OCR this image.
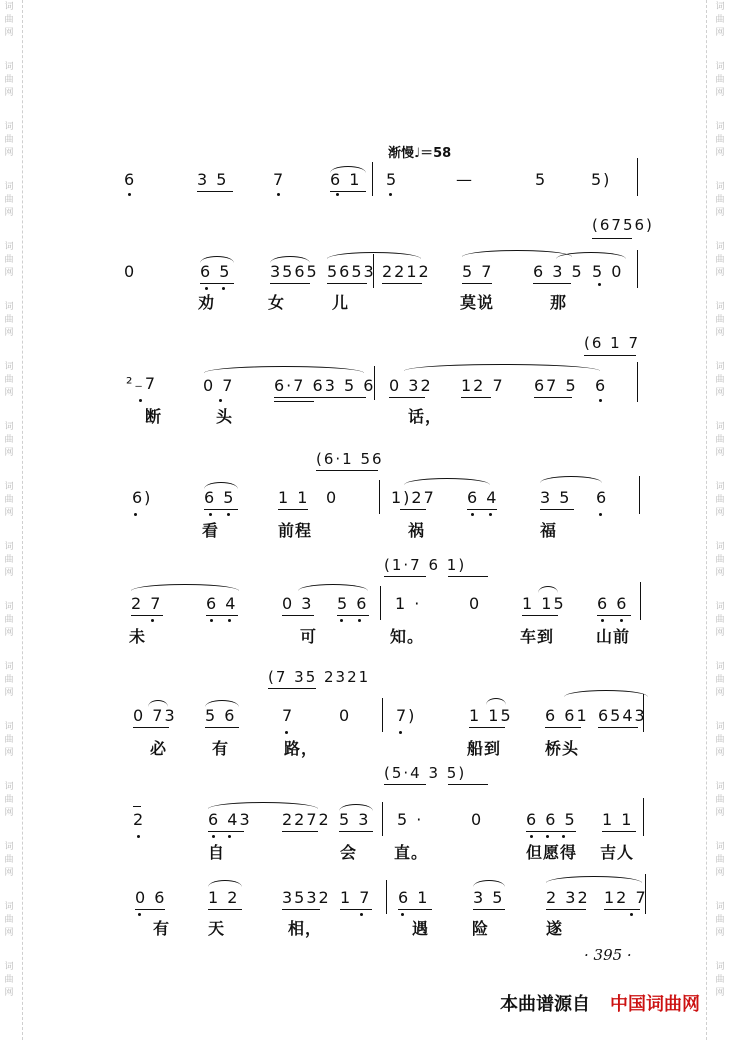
词
曲
网
词
曲
网
词
曲
网
词
曲
网
词
曲
网
词
曲
网
词
曲
网
词
曲
网
词
曲
网
词
曲
网
词
曲
网
词
曲
网
词
曲
网
词
曲
网
词
曲
网
词
曲
网
词
曲
网
词
曲
网
词
曲
网
词
曲
网
词
曲
网
词
曲
网
词
曲
网
词
曲
网
词
曲
网
词
曲
网
词
曲
网
词
曲
网
词
曲
网
词
曲
网
词
曲
网
词
曲
网
词
曲
网
词
曲
网
渐慢♩＝58
6	3 5	7	6 1 5	—	5	5)
(6756)
0	6 5 3565 5653 2212 5 7 6 3 5 5 0
劝	女	儿	莫说	那
(6 1 7
²₋7	0 7 6·7 63 5 6 0 32 12 7 67 5 6
断	头	话，
(6·1 56
6)	6 5	1 1 0	1)27 6 4	3 5 6
看	前程	祸	福
(1·7 6 1)
2 7	6 4	0 3 5 6 1 ·	0	1 15 6 6
未	可	知。	车到	山前
(7 35 2321
0 73 5 6	7	0	7)	1 15 6 61 6543
必	有	路，	船到	桥头
(5·4 3 5)
2	6 43 2272 5 3 5 ·	0	6 6 5 1 1
自	会 直。	但愿得 吉人
0 6	1 2	3532 1 7 6 1	3 5	2 32 12 7
有 天	相，	遇	险	遂
· 395 ·
本曲谱源自 中国词曲网
